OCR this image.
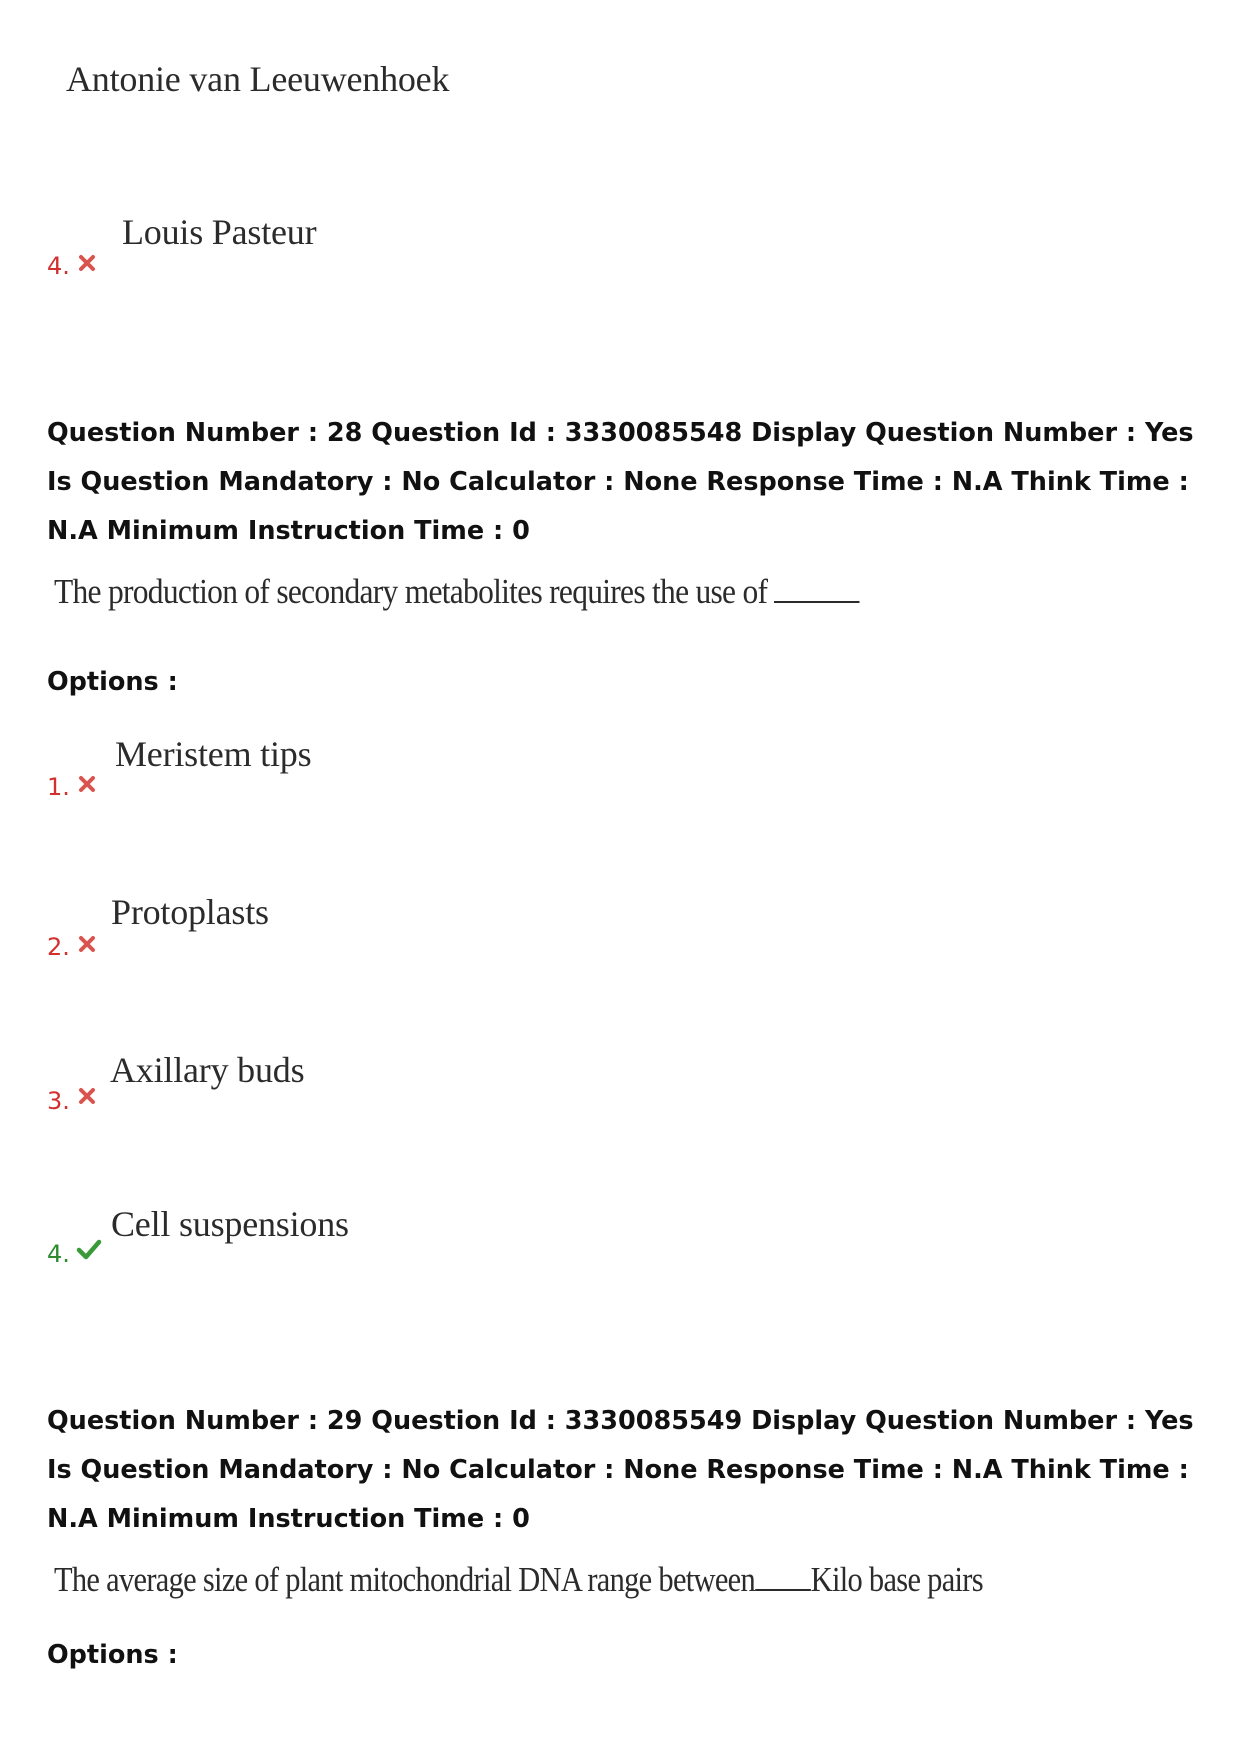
Antonie van Leeuwenhoek
Louis Pasteur
4.

Question Number : 28 Question Id : 3330085548 Display Question Number : Yes Is Question Mandatory : No Calculator : None Response Time : N.A Think Time : N.A Minimum Instruction Time : 0

The production of secondary metabolites requires the use of

Options :

Meristem tips
1.
Protoplasts
2.
Axillary buds
3.
Cell suspensions
4.

Question Number : 29 Question Id : 3330085549 Display Question Number : Yes Is Question Mandatory : No Calculator : None Response Time : N.A Think Time : N.A Minimum Instruction Time : 0

The average size of plant mitochondrial DNA range between Kilo base pairs

Options :
